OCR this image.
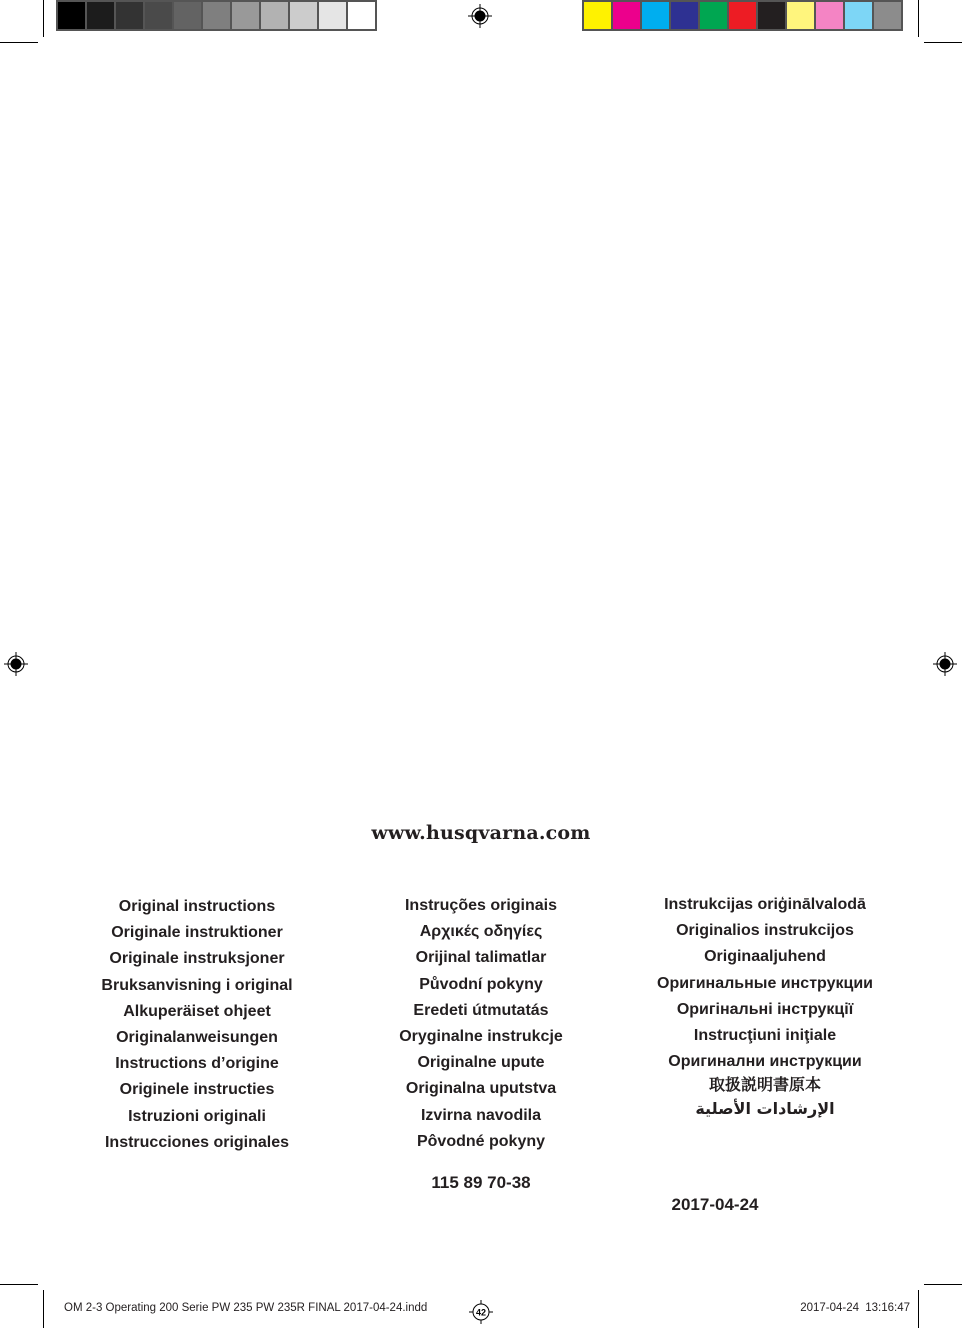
www.husqvarna.com
Original instructions
Originale instruktioner
Originale instruksjoner
Bruksanvisning i original
Alkuperäiset ohjeet
Originalanweisungen
Instructions d’origine
Originele instructies
Istruzioni originali
Instrucciones originales
Instruções originais
Αρχικές οδηγίες
Orijinal talimatlar
Původní pokyny
Eredeti útmutatás
Oryginalne instrukcje
Originalne upute
Originalna uputstva
Izvirna navodila
Pôvodné pokyny
Instrukcijas oriģinālvalodā
Originalios instrukcijos
Originaaljuhend
Оригинальные инструкции
Оригінальні інструкції
Instrucţiuni iniţiale
Оригинални инструкции
取扱説明書原本
الإرشادات الأصلية
115 89 70-38
2017-04-24
OM 2-3 Operating 200 Serie PW 235 PW 235R FINAL 2017-04-24.indd	42	2017-04-24 13:16:47
